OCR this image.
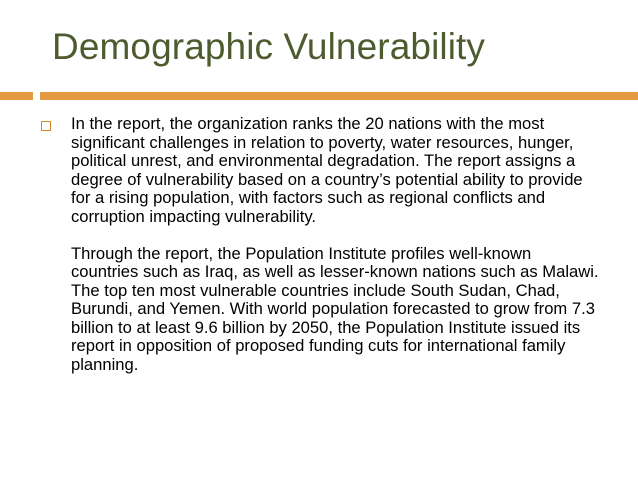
Demographic Vulnerability

In the report, the organization ranks the 20 nations with the most significant challenges in relation to poverty, water resources, hunger, political unrest, and environmental degradation. The report assigns a degree of vulnerability based on a country’s potential ability to provide for a rising population, with factors such as regional conflicts and corruption impacting vulnerability.

Through the report, the Population Institute profiles well-known countries such as Iraq, as well as lesser-known nations such as Malawi. The top ten most vulnerable countries include South Sudan, Chad, Burundi, and Yemen. With world population forecasted to grow from 7.3 billion to at least 9.6 billion by 2050, the Population Institute issued its report in opposition of proposed funding cuts for international family planning.
